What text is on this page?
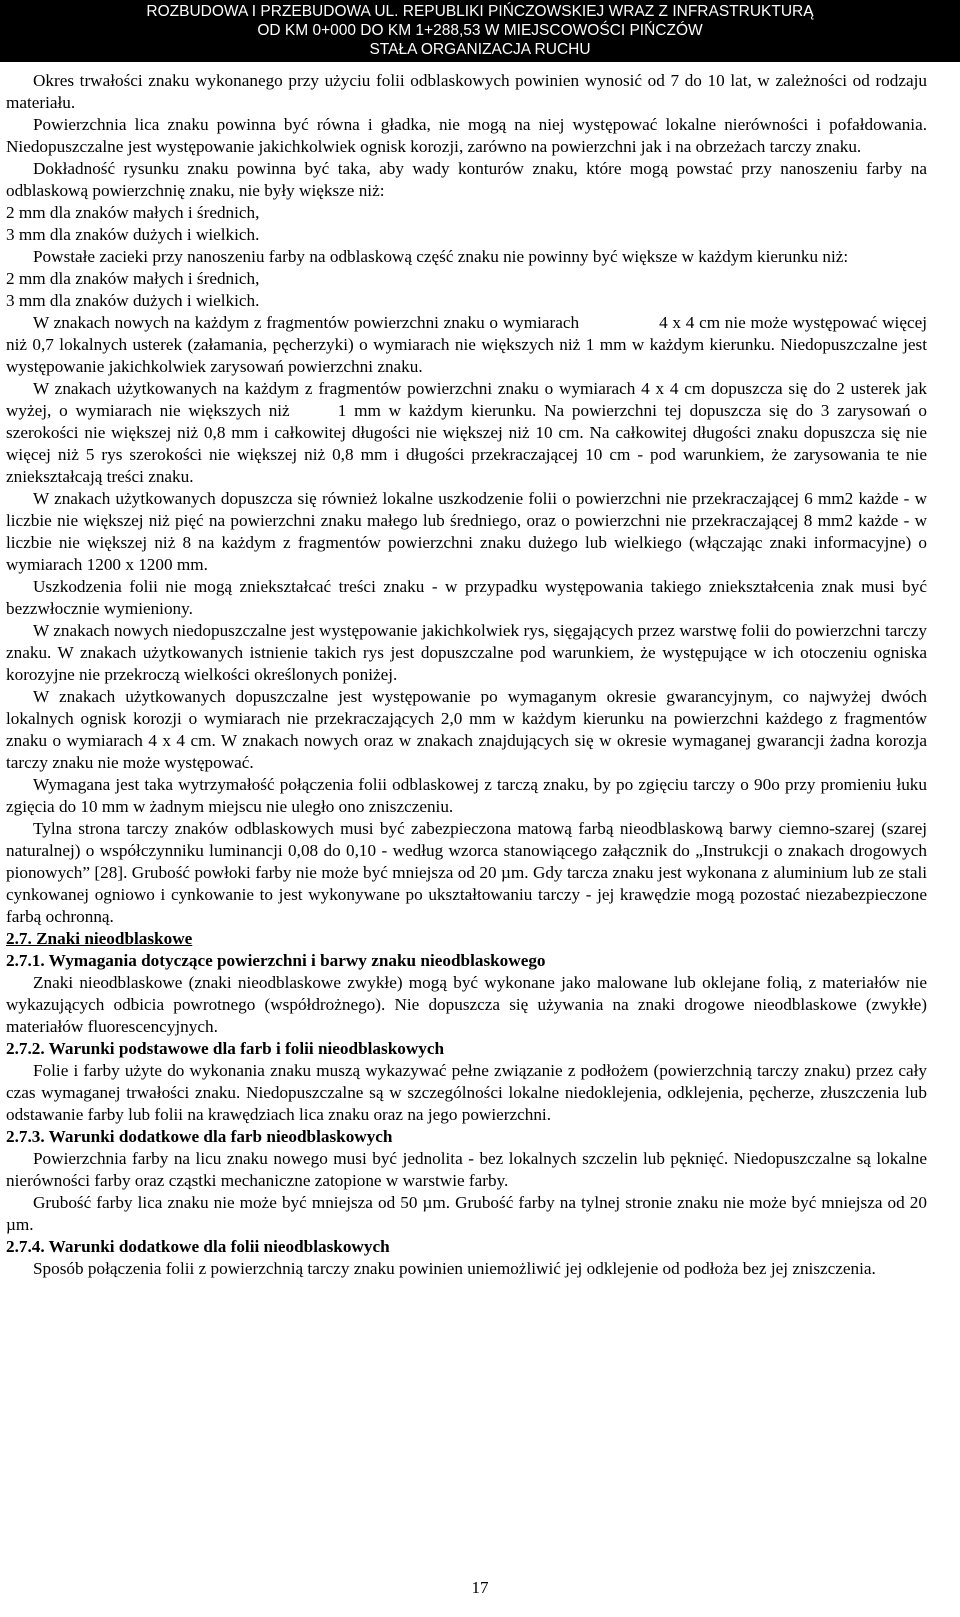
ROZBUDOWA I PRZEBUDOWA UL. REPUBLIKI PIŃCZOWSKIEJ WRAZ Z INFRASTRUKTURĄ
OD KM 0+000 DO KM 1+288,53 W MIEJSCOWOŚCI PIŃCZÓW
STAŁA ORGANIZACJA RUCHU

Okres trwałości znaku wykonanego przy użyciu folii odblaskowych powinien wynosić od 7 do 10 lat, w zależności od rodzaju materiału.

Powierzchnia lica znaku powinna być równa i gładka, nie mogą na niej występować lokalne nierówności i pofałdowania. Niedopuszczalne jest występowanie jakichkolwiek ognisk korozji, zarówno na powierzchni jak i na obrzeżach tarczy znaku.

Dokładność rysunku znaku powinna być taka, aby wady konturów znaku, które mogą powstać przy nanoszeniu farby na odblaskową powierzchnię znaku, nie były większe niż:

2 mm dla znaków małych i średnich,

3 mm dla znaków dużych i wielkich.

Powstałe zacieki przy nanoszeniu farby na odblaskową część znaku nie powinny być większe w każdym kierunku niż:

2 mm dla znaków małych i średnich,

3 mm dla znaków dużych i wielkich.

W znakach nowych na każdym z fragmentów powierzchni znaku o wymiarach	4 x 4 cm nie może występować więcej niż 0,7 lokalnych usterek (załamania, pęcherzyki) o wymiarach nie większych niż 1 mm w każdym kierunku. Niedopuszczalne jest występowanie jakichkolwiek zarysowań powierzchni znaku.

W znakach użytkowanych na każdym z fragmentów powierzchni znaku o wymiarach 4 x 4 cm dopuszcza się do 2 usterek jak wyżej, o wymiarach nie większych niż	1 mm w każdym kierunku. Na powierzchni tej dopuszcza się do 3 zarysowań o szerokości nie większej niż 0,8 mm i całkowitej długości nie większej niż 10 cm. Na całkowitej długości znaku dopuszcza się nie więcej niż 5 rys szerokości nie większej niż 0,8 mm i długości przekraczającej 10 cm - pod warunkiem, że zarysowania te nie zniekształcają treści znaku.

W znakach użytkowanych dopuszcza się również lokalne uszkodzenie folii o powierzchni nie przekraczającej 6 mm2 każde - w liczbie nie większej niż pięć na powierzchni znaku małego lub średniego, oraz o powierzchni nie przekraczającej 8 mm2 każde - w liczbie nie większej niż 8 na każdym z fragmentów powierzchni znaku dużego lub wielkiego (włączając znaki informacyjne) o wymiarach 1200 x 1200 mm.

Uszkodzenia folii nie mogą zniekształcać treści znaku - w przypadku występowania takiego zniekształcenia znak musi być bezzwłocznie wymieniony.

W znakach nowych niedopuszczalne jest występowanie jakichkolwiek rys, sięgających przez warstwę folii do powierzchni tarczy znaku. W znakach użytkowanych istnienie takich rys jest dopuszczalne pod warunkiem, że występujące w ich otoczeniu ogniska korozyjne nie przekroczą wielkości określonych poniżej.

W znakach użytkowanych dopuszczalne jest występowanie po wymaganym okresie gwarancyjnym, co najwyżej dwóch lokalnych ognisk korozji o wymiarach nie przekraczających 2,0 mm w każdym kierunku na powierzchni każdego z fragmentów znaku o wymiarach 4 x 4 cm. W znakach nowych oraz w znakach znajdujących się w okresie wymaganej gwarancji żadna korozja tarczy znaku nie może występować.

Wymagana jest taka wytrzymałość połączenia folii odblaskowej z tarczą znaku, by po zgięciu tarczy o 90o przy promieniu łuku zgięcia do 10 mm w żadnym miejscu nie uległo ono zniszczeniu.

Tylna strona tarczy znaków odblaskowych musi być zabezpieczona matową farbą nieodblaskową barwy ciemno-szarej (szarej naturalnej) o współczynniku luminancji 0,08 do 0,10 - według wzorca stanowiącego załącznik do „Instrukcji o znakach drogowych pionowych” [28]. Grubość powłoki farby nie może być mniejsza od 20 µm. Gdy tarcza znaku jest wykonana z aluminium lub ze stali cynkowanej ogniowo i cynkowanie to jest wykonywane po ukształtowaniu tarczy - jej krawędzie mogą pozostać niezabezpieczone farbą ochronną.

2.7. Znaki nieodblaskowe
2.7.1. Wymagania dotyczące powierzchni i barwy znaku nieodblaskowego

Znaki nieodblaskowe (znaki nieodblaskowe zwykłe) mogą być wykonane jako malowane lub oklejane folią, z materiałów nie wykazujących odbicia powrotnego (współdrożnego). Nie dopuszcza się używania na znaki drogowe nieodblaskowe (zwykłe) materiałów fluorescencyjnych.

2.7.2. Warunki podstawowe dla farb i folii nieodblaskowych

Folie i farby użyte do wykonania znaku muszą wykazywać pełne związanie z podłożem (powierzchnią tarczy znaku) przez cały czas wymaganej trwałości znaku. Niedopuszczalne są w szczególności lokalne niedoklejenia, odklejenia, pęcherze, złuszczenia lub odstawanie farby lub folii na krawędziach lica znaku oraz na jego powierzchni.

2.7.3. Warunki dodatkowe dla farb nieodblaskowych

Powierzchnia farby na licu znaku nowego musi być jednolita - bez lokalnych szczelin lub pęknięć. Niedopuszczalne są lokalne nierówności farby oraz cząstki mechaniczne zatopione w warstwie farby.

Grubość farby lica znaku nie może być mniejsza od 50 µm. Grubość farby na tylnej stronie znaku nie może być mniejsza od 20 µm.

2.7.4. Warunki dodatkowe dla folii nieodblaskowych

Sposób połączenia folii z powierzchnią tarczy znaku powinien uniemożliwić jej odklejenie od podłoża bez jej zniszczenia.

17
